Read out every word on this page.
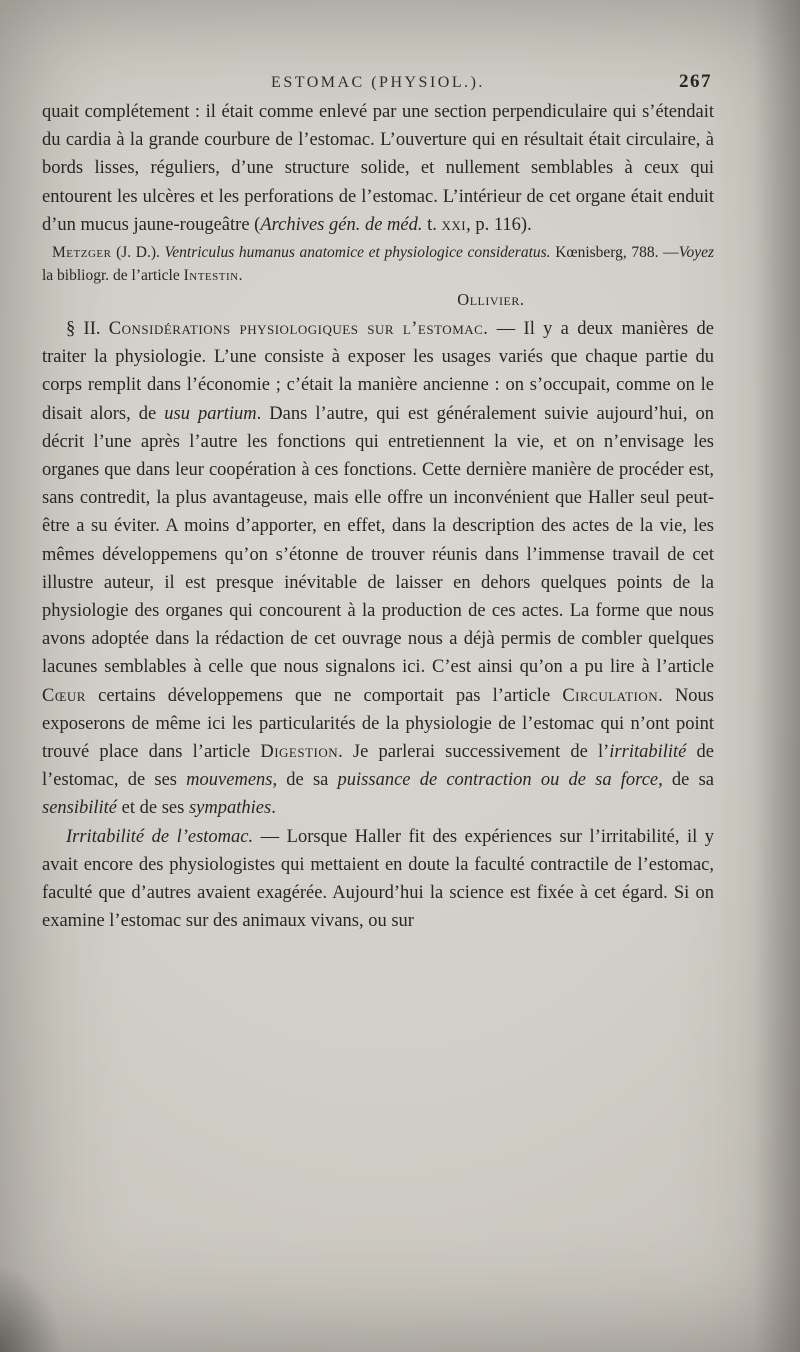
ESTOMAC (PHYSIOL.).	267

quait complétement : il était comme enlevé par une section perpendiculaire qui s’étendait du cardia à la grande courbure de l’estomac. L’ouverture qui en résultait était circulaire, à bords lisses, réguliers, d’une structure solide, et nullement semblables à ceux qui entourent les ulcères et les perforations de l’estomac. L’intérieur de cet organe était enduit d’un mucus jaune-rougeâtre (Archives gén. de méd. t. xxi, p. 116).

Metzger (J. D.). Ventriculus humanus anatomice et physiologice consideratus. Kœnisberg, 788. —Voyez la bibliogr. de l’article Intestin.

Ollivier.

§ II. Considérations physiologiques sur l’estomac. — Il y a deux manières de traiter la physiologie. L’une consiste à exposer les usages variés que chaque partie du corps remplit dans l’économie ; c’était la manière ancienne : on s’occupait, comme on le disait alors, de usu partium. Dans l’autre, qui est généralement suivie aujourd’hui, on décrit l’une après l’autre les fonctions qui entretiennent la vie, et on n’envisage les organes que dans leur coopération à ces fonctions. Cette dernière manière de procéder est, sans contredit, la plus avantageuse, mais elle offre un inconvénient que Haller seul peut-être a su éviter. A moins d’apporter, en effet, dans la description des actes de la vie, les mêmes développemens qu’on s’étonne de trouver réunis dans l’immense travail de cet illustre auteur, il est presque inévitable de laisser en dehors quelques points de la physiologie des organes qui concourent à la production de ces actes. La forme que nous avons adoptée dans la rédaction de cet ouvrage nous a déjà permis de combler quelques lacunes semblables à celle que nous signalons ici. C’est ainsi qu’on a pu lire à l’article Cœur certains développemens que ne comportait pas l’article Circulation. Nous exposerons de même ici les particularités de la physiologie de l’estomac qui n’ont point trouvé place dans l’article Digestion. Je parlerai successivement de l’irritabilité de l’estomac, de ses mouvemens, de sa puissance de contraction ou de sa force, de sa sensibilité et de ses sympathies.

Irritabilité de l’estomac. — Lorsque Haller fit des expériences sur l’irritabilité, il y avait encore des physiologistes qui mettaient en doute la faculté contractile de l’estomac, faculté que d’autres avaient exagérée. Aujourd’hui la science est fixée à cet égard. Si on examine l’estomac sur des animaux vivans, ou sur
